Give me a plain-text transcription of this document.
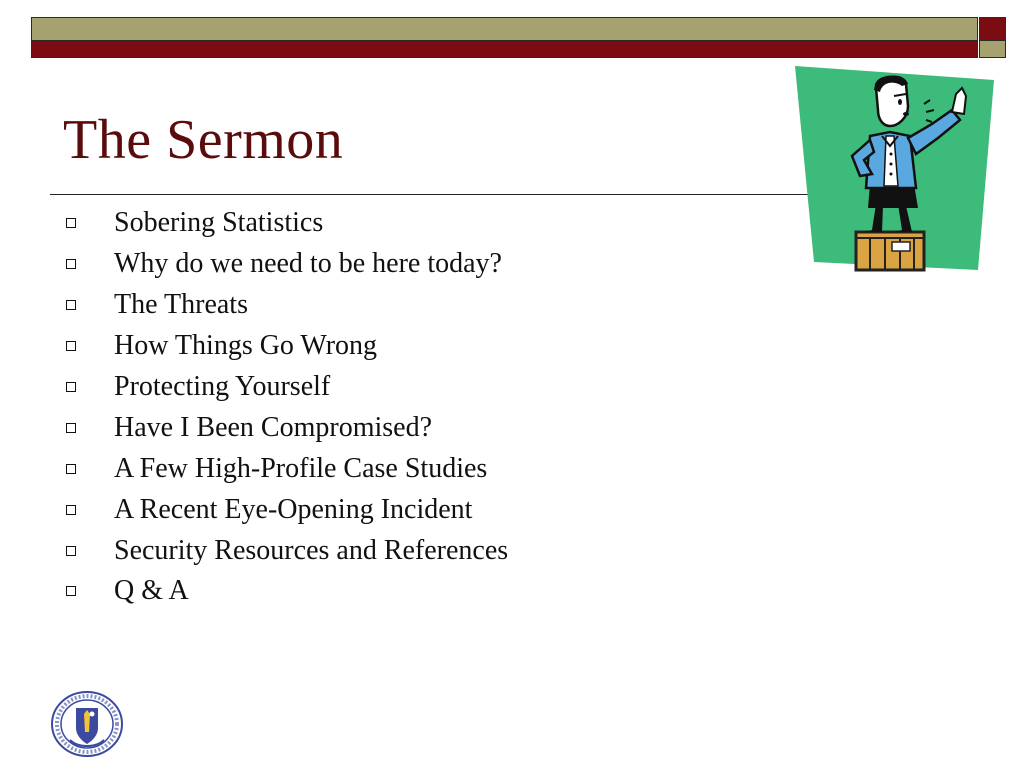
The Sermon
Sobering Statistics
Why do we need to be here today?
The Threats
How Things Go Wrong
Protecting Yourself
Have I Been Compromised?
A Few High-Profile Case Studies
A Recent Eye-Opening Incident
Security Resources and References
Q & A
